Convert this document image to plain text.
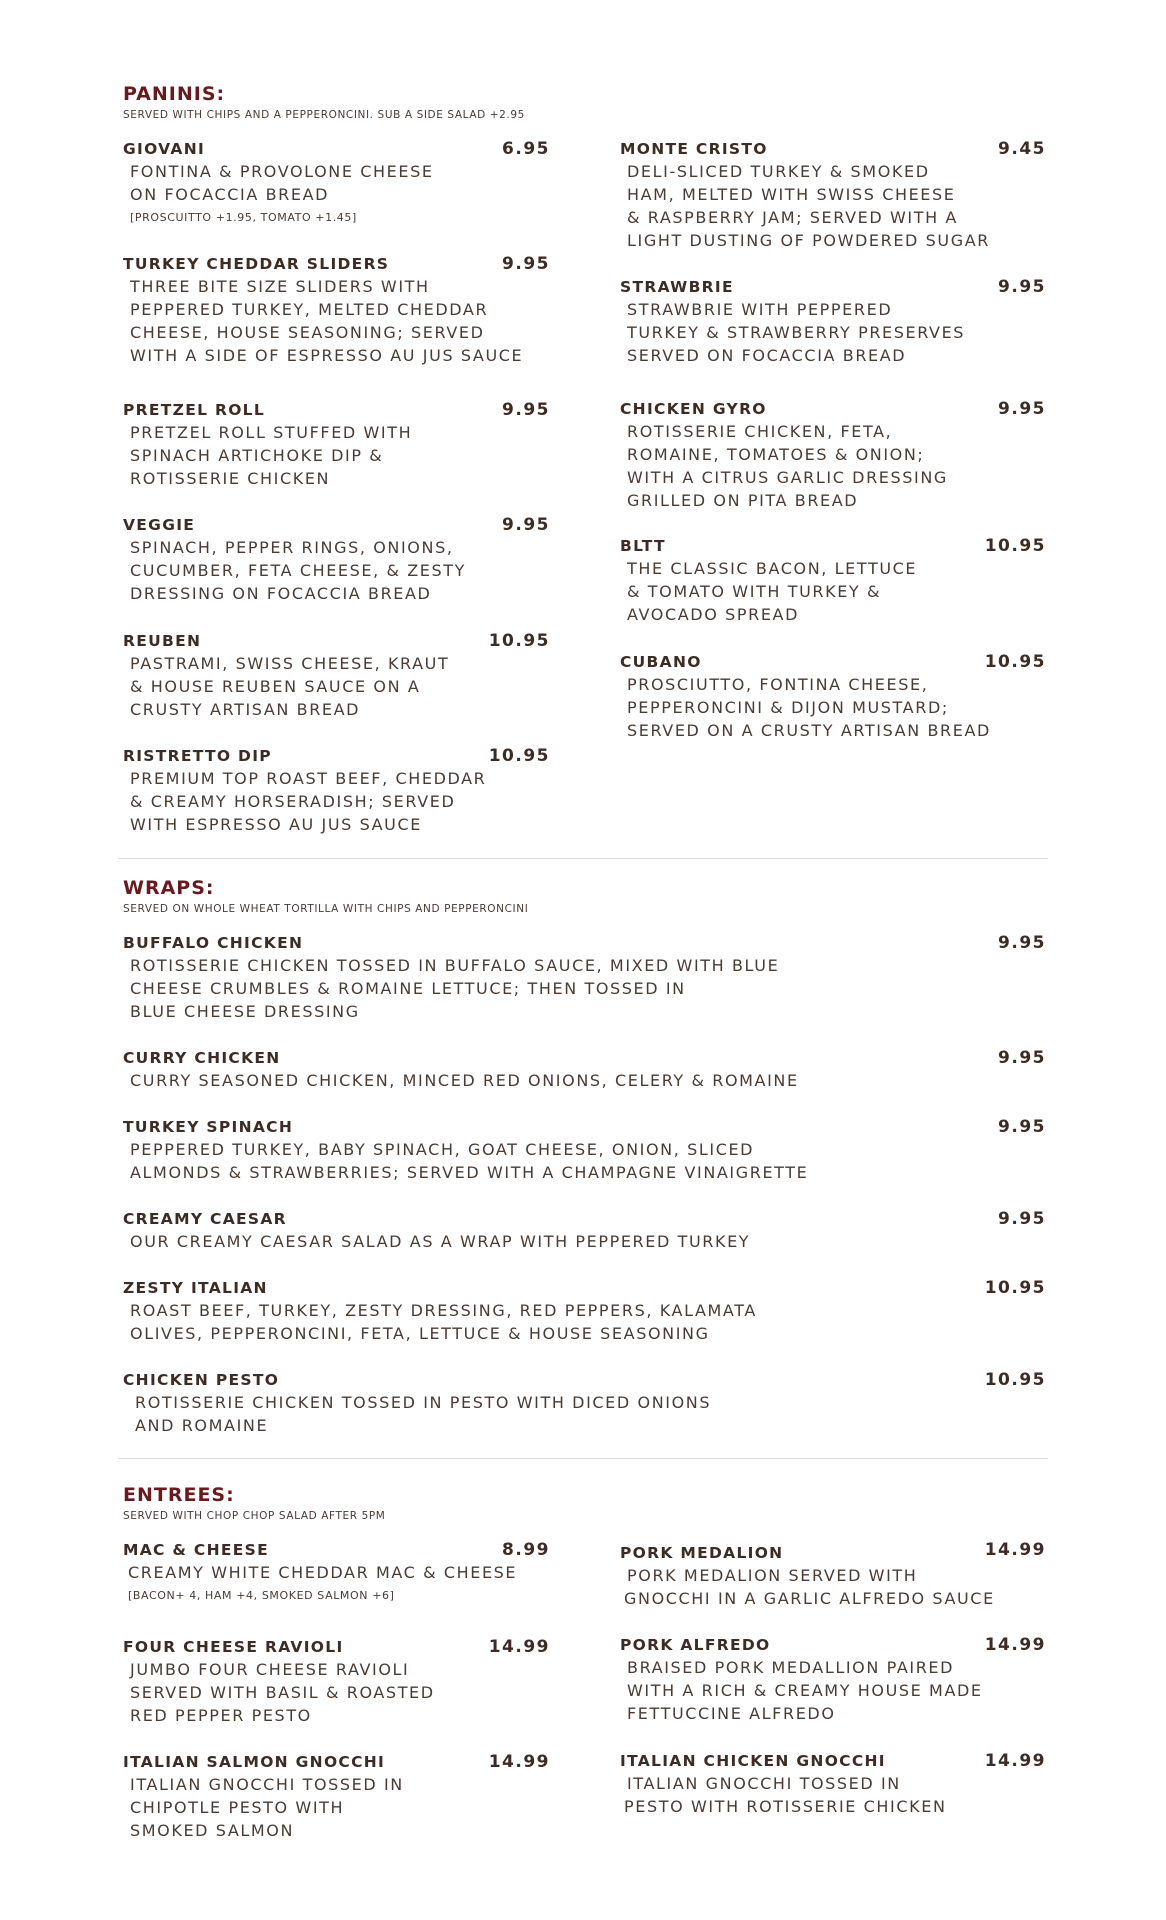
PANINIS:
SERVED WITH CHIPS AND A PEPPERONCINI. SUB A SIDE SALAD +2.95
GIOVANI
FONTINA & PROVOLONE CHEESE
ON FOCACCIA BREAD
[PROSCUITTO +1.95, TOMATO +1.45]
6.95
TURKEY CHEDDAR SLIDERS
THREE BITE SIZE SLIDERS WITH
PEPPERED TURKEY, MELTED CHEDDAR
CHEESE, HOUSE SEASONING; SERVED
WITH A SIDE OF ESPRESSO AU JUS SAUCE
9.95
PRETZEL ROLL
PRETZEL ROLL STUFFED WITH
SPINACH ARTICHOKE DIP &
ROTISSERIE CHICKEN
9.95
VEGGIE
SPINACH, PEPPER RINGS, ONIONS,
CUCUMBER, FETA CHEESE, & ZESTY
DRESSING ON FOCACCIA BREAD
9.95
REUBEN
PASTRAMI, SWISS CHEESE, KRAUT
& HOUSE REUBEN SAUCE ON A
CRUSTY ARTISAN BREAD
10.95
RISTRETTO DIP
PREMIUM TOP ROAST BEEF, CHEDDAR
& CREAMY HORSERADISH; SERVED
WITH ESPRESSO AU JUS SAUCE
10.95
MONTE CRISTO
DELI-SLICED TURKEY & SMOKED
HAM, MELTED WITH SWISS CHEESE
& RASPBERRY JAM; SERVED WITH A
LIGHT DUSTING OF POWDERED SUGAR
9.45
STRAWBRIE
STRAWBRIE WITH PEPPERED
TURKEY & STRAWBERRY PRESERVES
SERVED ON FOCACCIA BREAD
9.95
CHICKEN GYRO
ROTISSERIE CHICKEN, FETA,
ROMAINE, TOMATOES & ONION;
WITH A CITRUS GARLIC DRESSING
GRILLED ON PITA BREAD
9.95
BLTT
THE CLASSIC BACON, LETTUCE
& TOMATO WITH TURKEY &
AVOCADO SPREAD
10.95
CUBANO
PROSCIUTTO, FONTINA CHEESE,
PEPPERONCINI & DIJON MUSTARD;
SERVED ON A CRUSTY ARTISAN BREAD
10.95
WRAPS:
SERVED ON WHOLE WHEAT TORTILLA WITH CHIPS AND PEPPERONCINI
BUFFALO CHICKEN
ROTISSERIE CHICKEN TOSSED IN BUFFALO SAUCE, MIXED WITH BLUE
CHEESE CRUMBLES & ROMAINE LETTUCE; THEN TOSSED IN
BLUE CHEESE DRESSING
9.95
CURRY CHICKEN
CURRY SEASONED CHICKEN, MINCED RED ONIONS, CELERY & ROMAINE
9.95
TURKEY SPINACH
PEPPERED TURKEY, BABY SPINACH, GOAT CHEESE, ONION, SLICED
ALMONDS & STRAWBERRIES; SERVED WITH A CHAMPAGNE VINAIGRETTE
9.95
CREAMY CAESAR
OUR CREAMY CAESAR SALAD AS A WRAP WITH PEPPERED TURKEY
9.95
ZESTY ITALIAN
ROAST BEEF, TURKEY, ZESTY DRESSING, RED PEPPERS, KALAMATA
OLIVES, PEPPERONCINI, FETA, LETTUCE & HOUSE SEASONING
10.95
CHICKEN PESTO
ROTISSERIE CHICKEN TOSSED IN PESTO WITH DICED ONIONS
AND ROMAINE
10.95
ENTREES:
SERVED WITH CHOP CHOP SALAD AFTER 5PM
MAC & CHEESE
CREAMY WHITE CHEDDAR MAC & CHEESE
[BACON+ 4, HAM +4, SMOKED SALMON +6]
8.99
FOUR CHEESE RAVIOLI
JUMBO FOUR CHEESE RAVIOLI
SERVED WITH BASIL & ROASTED
RED PEPPER PESTO
14.99
ITALIAN SALMON GNOCCHI
ITALIAN GNOCCHI TOSSED IN
CHIPOTLE PESTO WITH
SMOKED SALMON
14.99
PORK MEDALION
PORK MEDALION SERVED WITH
GNOCCHI IN A GARLIC ALFREDO SAUCE
14.99
PORK ALFREDO
BRAISED PORK MEDALLION PAIRED
WITH A RICH & CREAMY HOUSE MADE
FETTUCCINE ALFREDO
14.99
ITALIAN CHICKEN GNOCCHI
ITALIAN GNOCCHI TOSSED IN
PESTO WITH ROTISSERIE CHICKEN
14.99
